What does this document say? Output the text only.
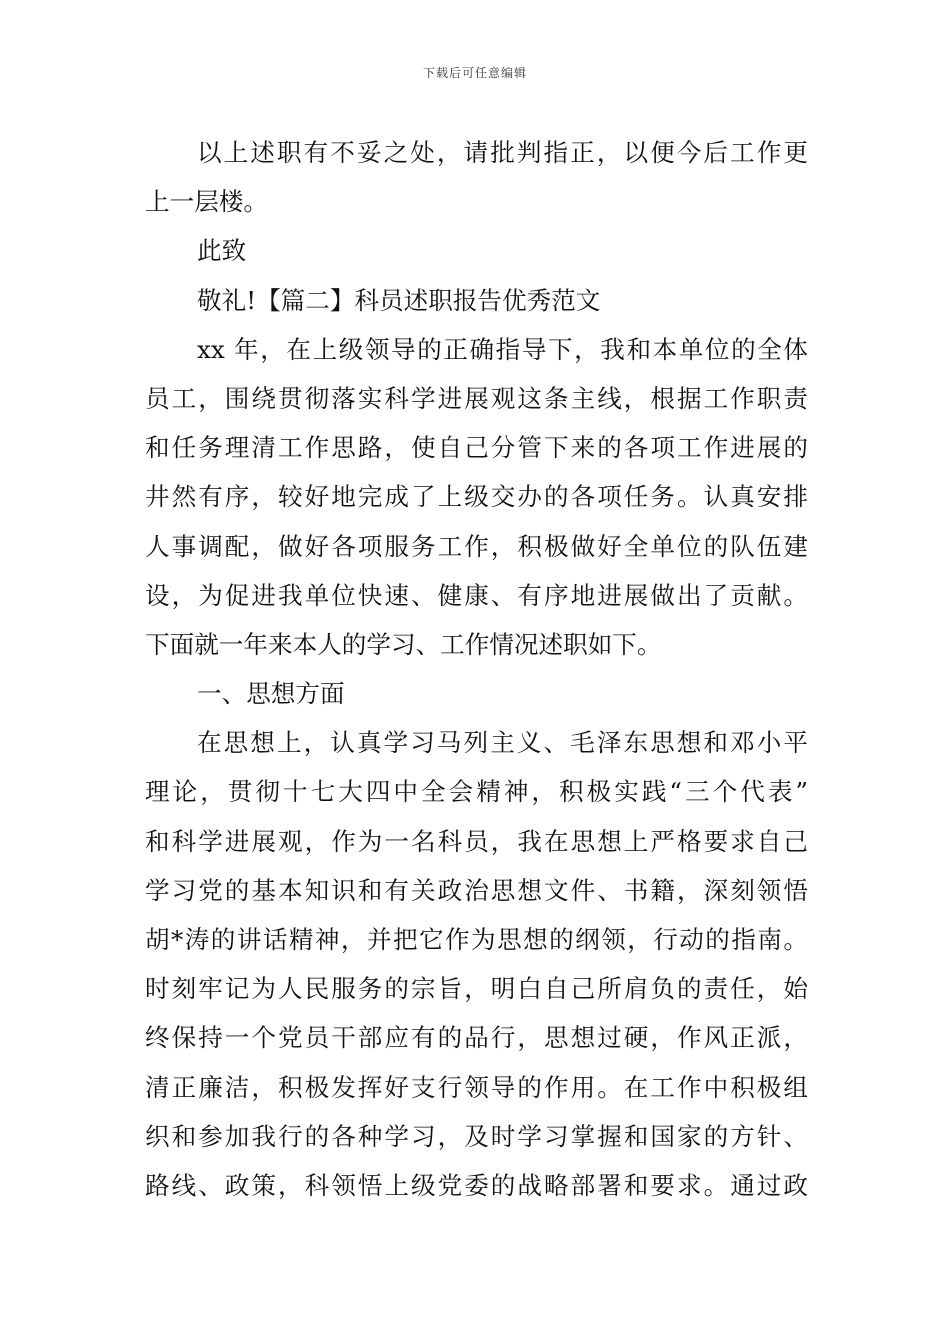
下载后可任意编辑
以上述职有不妥之处，请批判指正，以便今后工作更
上一层楼。
此致
敬礼!【篇二】科员述职报告优秀范文
xx 年，在上级领导的正确指导下，我和本单位的全体
员工，围绕贯彻落实科学进展观这条主线，根据工作职责
和任务理清工作思路，使自己分管下来的各项工作进展的
井然有序，较好地完成了上级交办的各项任务。认真安排
人事调配，做好各项服务工作，积极做好全单位的队伍建
设，为促进我单位快速、健康、有序地进展做出了贡献。
下面就一年来本人的学习、工作情况述职如下。
一、思想方面
在思想上，认真学习马列主义、毛泽东思想和邓小平
理论，贯彻十七大四中全会精神，积极实践“三个代表”
和科学进展观，作为一名科员，我在思想上严格要求自己
学习党的基本知识和有关政治思想文件、书籍，深刻领悟
胡*涛的讲话精神，并把它作为思想的纲领，行动的指南。
时刻牢记为人民服务的宗旨，明白自己所肩负的责任，始
终保持一个党员干部应有的品行，思想过硬，作风正派，
清正廉洁，积极发挥好支行领导的作用。在工作中积极组
织和参加我行的各种学习，及时学习掌握和国家的方针、
路线、政策，科领悟上级党委的战略部署和要求。通过政
